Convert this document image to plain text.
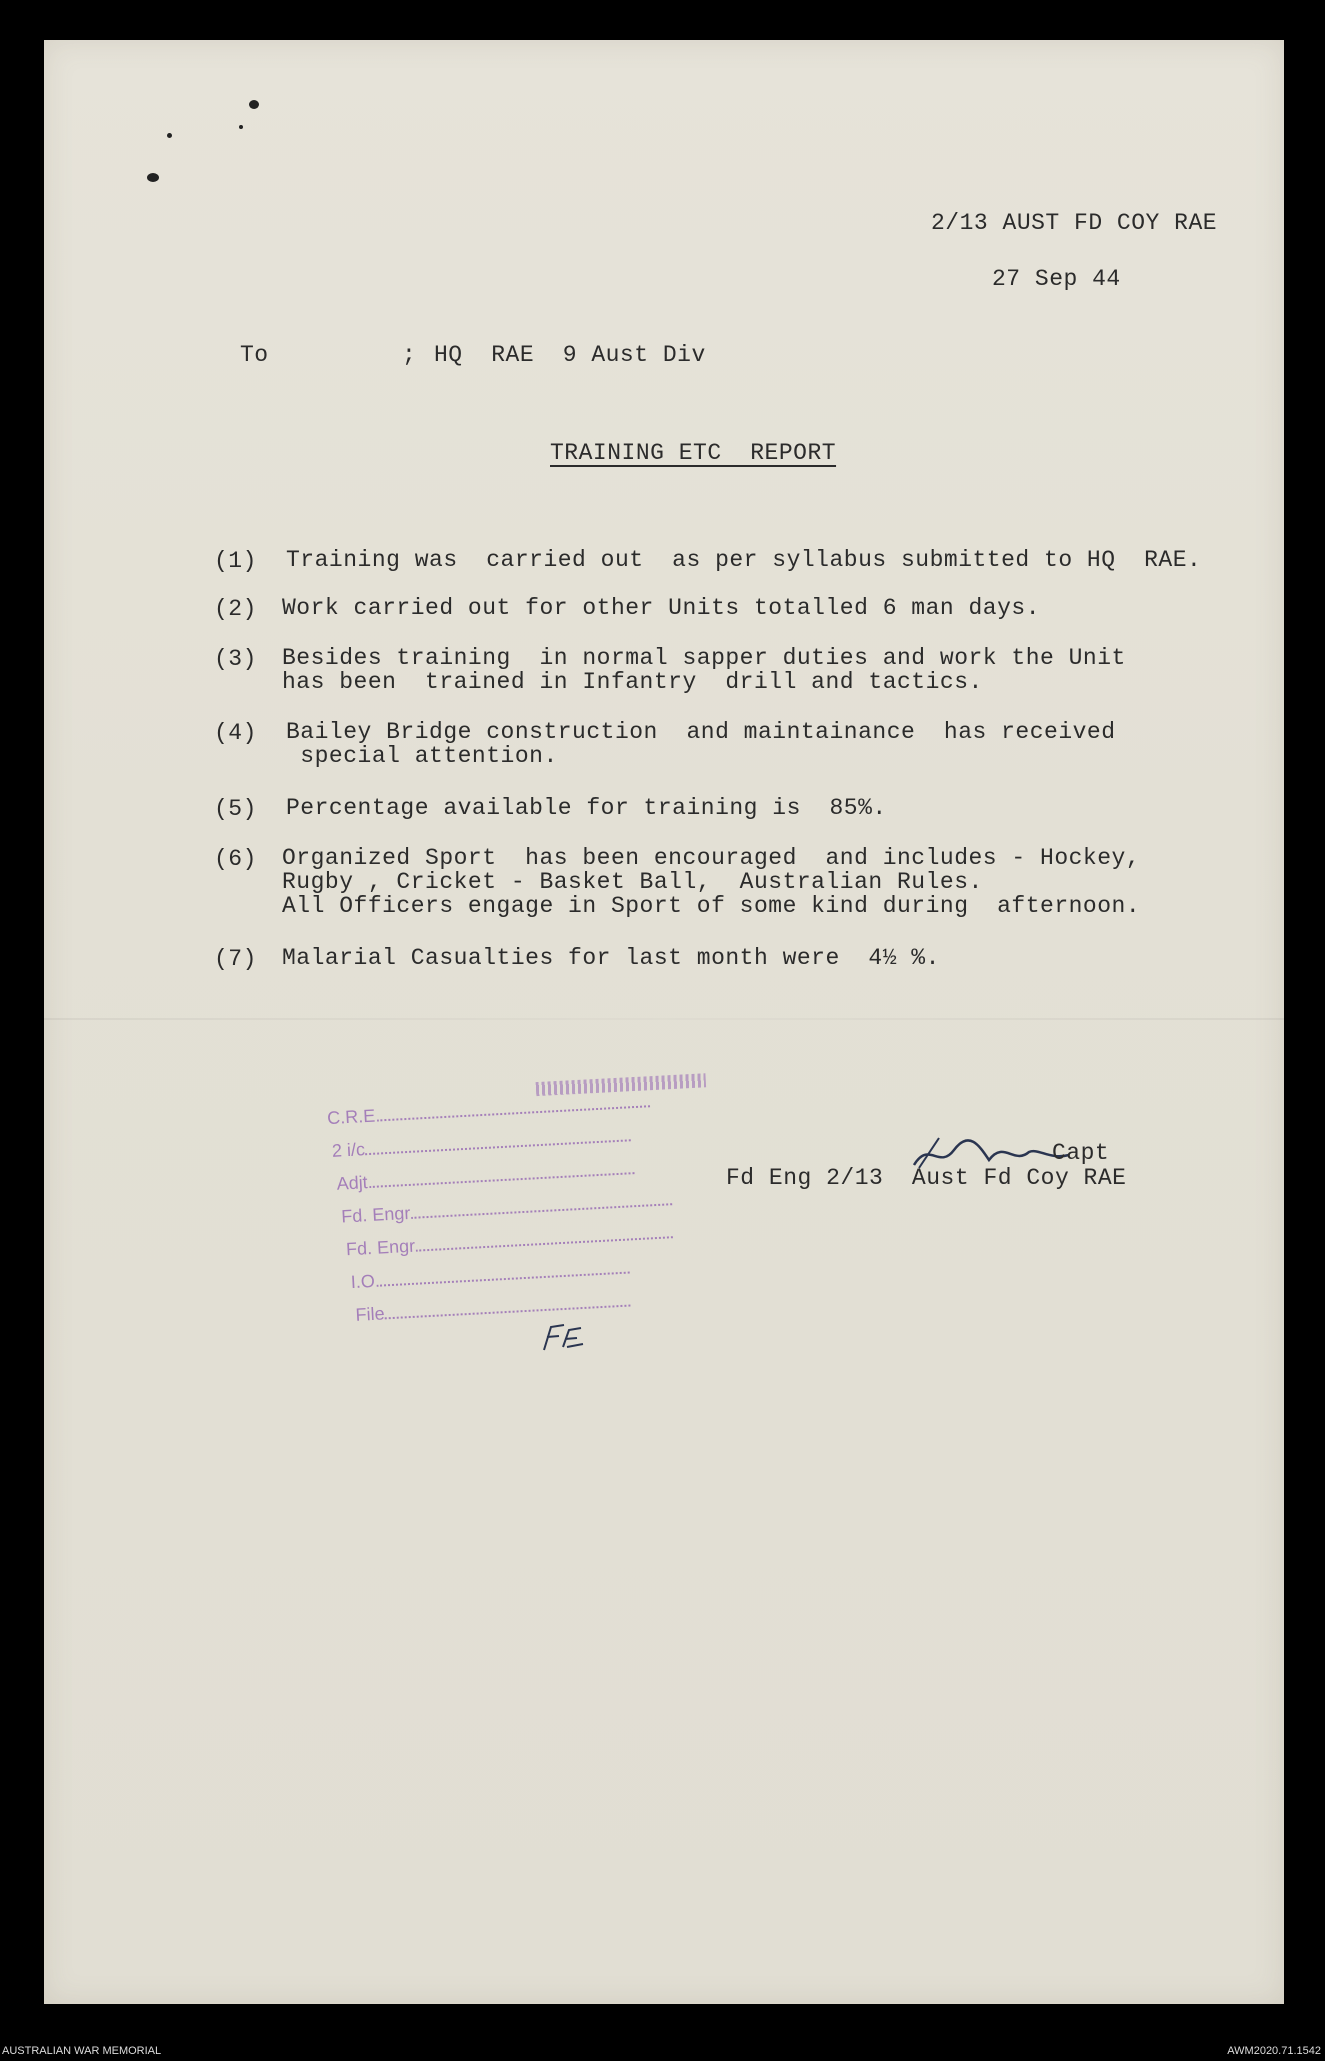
2/13 AUST FD COY RAE
27 Sep 44
To	; HQ  RAE  9 Aust Div
TRAINING ETC  REPORT
(1) Training was  carried out  as per syllabus submitted to HQ  RAE.
(2) Work carried out for other Units totalled 6 man days.
(3) Besides training  in normal sapper duties and work the Unit
has been  trained in Infantry  drill and tactics.
(4) Bailey Bridge construction  and maintainance  has received
special attention.
(5) Percentage available for training is  85%.
(6) Organized Sport  has been encouraged  and includes - Hockey,
Rugby , Cricket - Basket Ball,  Australian Rules.
All Officers engage in Sport of some kind during  afternoon.
(7) Malarial Casualties for last month were  4½ %.
Capt
Fd Eng 2/13  Aust Fd Coy RAE
C.R.E.
2 i/c
Adjt.
Fd. Engr.
Fd. Engr.
I.O.
File
AUSTRALIAN WAR MEMORIAL	AWM2020.71.1542
